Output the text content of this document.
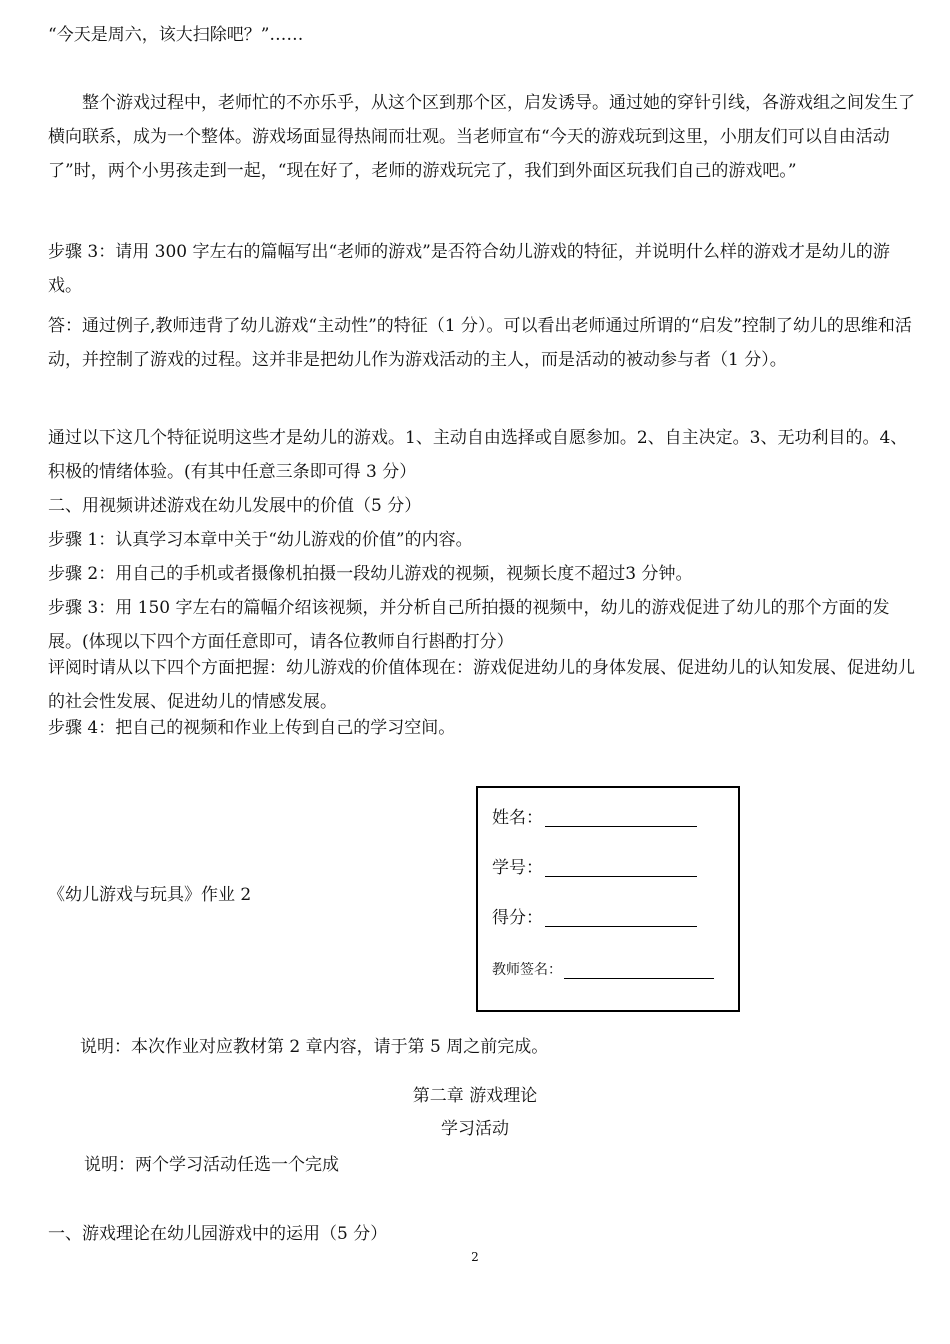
“今天是周六，该大扫除吧？”……

整个游戏过程中，老师忙的不亦乐乎，从这个区到那个区，启发诱导。通过她的穿针引线，各游戏组之间发生了横向联系，成为一个整体。游戏场面显得热闹而壮观。当老师宣布“今天的游戏玩到这里，小朋友们可以自由活动了”时，两个小男孩走到一起，“现在好了，老师的游戏玩完了，我们到外面区玩我们自己的游戏吧。”

步骤 3：请用 300 字左右的篇幅写出“老师的游戏”是否符合幼儿游戏的特征，并说明什么样的游戏才是幼儿的游戏。

答：通过例子,教师违背了幼儿游戏“主动性”的特征（1 分）。可以看出老师通过所谓的“启发”控制了幼儿的思维和活动，并控制了游戏的过程。这并非是把幼儿作为游戏活动的主人，而是活动的被动参与者（1 分）。

通过以下这几个特征说明这些才是幼儿的游戏。1、主动自由选择或自愿参加。2、自主决定。3、无功利目的。4、积极的情绪体验。(有其中任意三条即可得 3 分）

二、用视频讲述游戏在幼儿发展中的价值（5 分）

步骤 1：认真学习本章中关于“幼儿游戏的价值”的内容。

步骤 2：用自己的手机或者摄像机拍摄一段幼儿游戏的视频，视频长度不超过3 分钟。

步骤 3：用 150 字左右的篇幅介绍该视频，并分析自己所拍摄的视频中，幼儿的游戏促进了幼儿的那个方面的发展。(体现以下四个方面任意即可，请各位教师自行斟酌打分）

评阅时请从以下四个方面把握：幼儿游戏的价值体现在：游戏促进幼儿的身体发展、促进幼儿的认知发展、促进幼儿的社会性发展、促进幼儿的情感发展。

步骤 4：把自己的视频和作业上传到自己的学习空间。

《幼儿游戏与玩具》作业 2
姓名：
学号：
得分：
教师签名：

说明：本次作业对应教材第 2 章内容，请于第 5 周之前完成。

第二章 游戏理论
学习活动

说明：两个学习活动任选一个完成

一、游戏理论在幼儿园游戏中的运用（5 分）

2
